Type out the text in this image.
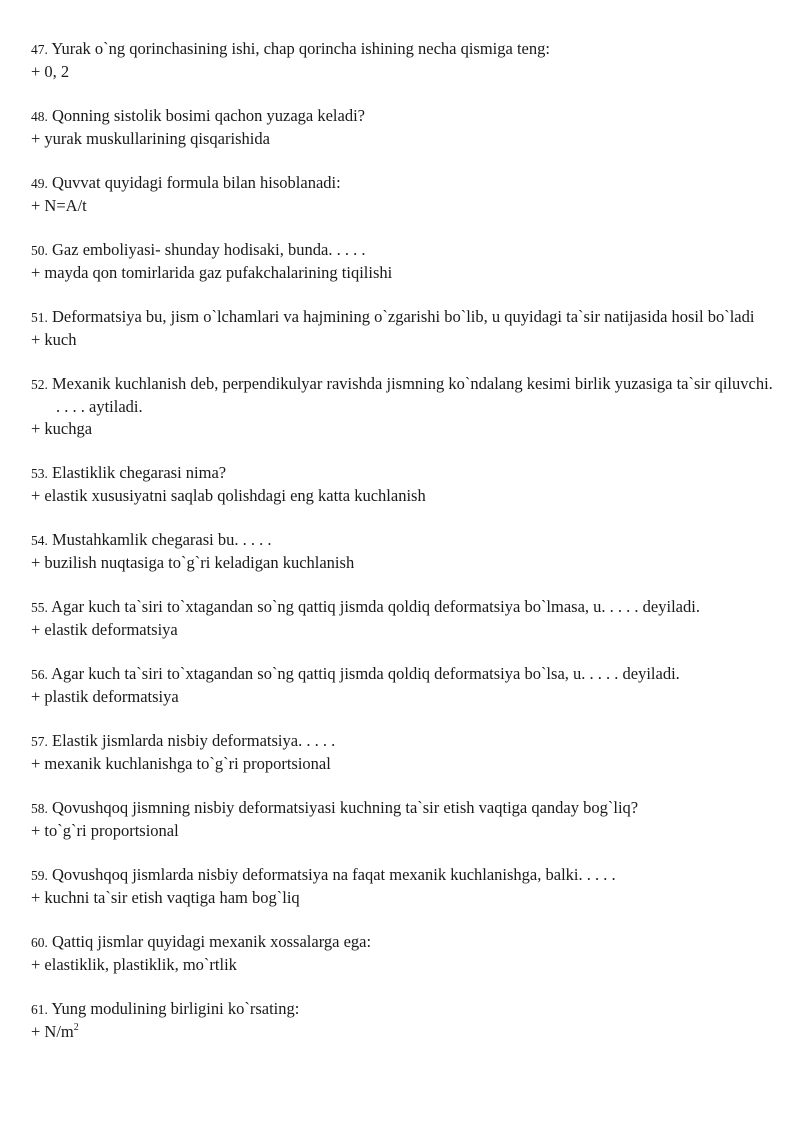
47. Yurak o`ng qorinchasining ishi, chap qorincha ishining necha qismiga teng:
+ 0, 2
48. Qonning sistolik bosimi qachon yuzaga keladi?
+ yurak muskullarining qisqarishida
49. Quvvat quyidagi formula bilan hisoblanadi:
+ N=A/t
50. Gaz emboliyasi- shunday hodisaki, bunda. . . . .
+ mayda qon tomirlarida gaz pufakchalarining tiqilishi
51. Deformatsiya bu, jism o`lchamlari va hajmining o`zgarishi bo`lib, u quyidagi ta`sir natijasida hosil bo`ladi
+ kuch
52. Mexanik kuchlanish deb, perpendikulyar ravishda jismning ko`ndalang kesimi birlik yuzasiga ta`sir qiluvchi. . . . . aytiladi.
+ kuchga
53. Elastiklik chegarasi nima?
+ elastik xususiyatni saqlab qolishdagi eng katta kuchlanish
54. Mustahkamlik chegarasi bu. . . . .
+ buzilish nuqtasiga to`g`ri keladigan kuchlanish
55. Agar kuch ta`siri to`xtagandan so`ng qattiq jismda qoldiq deformatsiya bo`lmasa, u. . . . . deyiladi.
+ elastik deformatsiya
56. Agar kuch ta`siri to`xtagandan so`ng qattiq jismda qoldiq deformatsiya bo`lsa, u. . . . . deyiladi.
+ plastik deformatsiya
57. Elastik jismlarda nisbiy deformatsiya. . . . .
+ mexanik kuchlanishga to`g`ri proportsional
58. Qovushqoq jismning nisbiy deformatsiyasi kuchning ta`sir etish vaqtiga qanday bog`liq?
+ to`g`ri proportsional
59. Qovushqoq jismlarda nisbiy deformatsiya na faqat mexanik kuchlanishga, balki. . . . .
+ kuchni ta`sir etish vaqtiga ham bog`liq
60. Qattiq jismlar quyidagi mexanik xossalarga ega:
+ elastiklik, plastiklik, mo`rtlik
61. Yung modulining birligini ko`rsating:
+ $N/m^2$
